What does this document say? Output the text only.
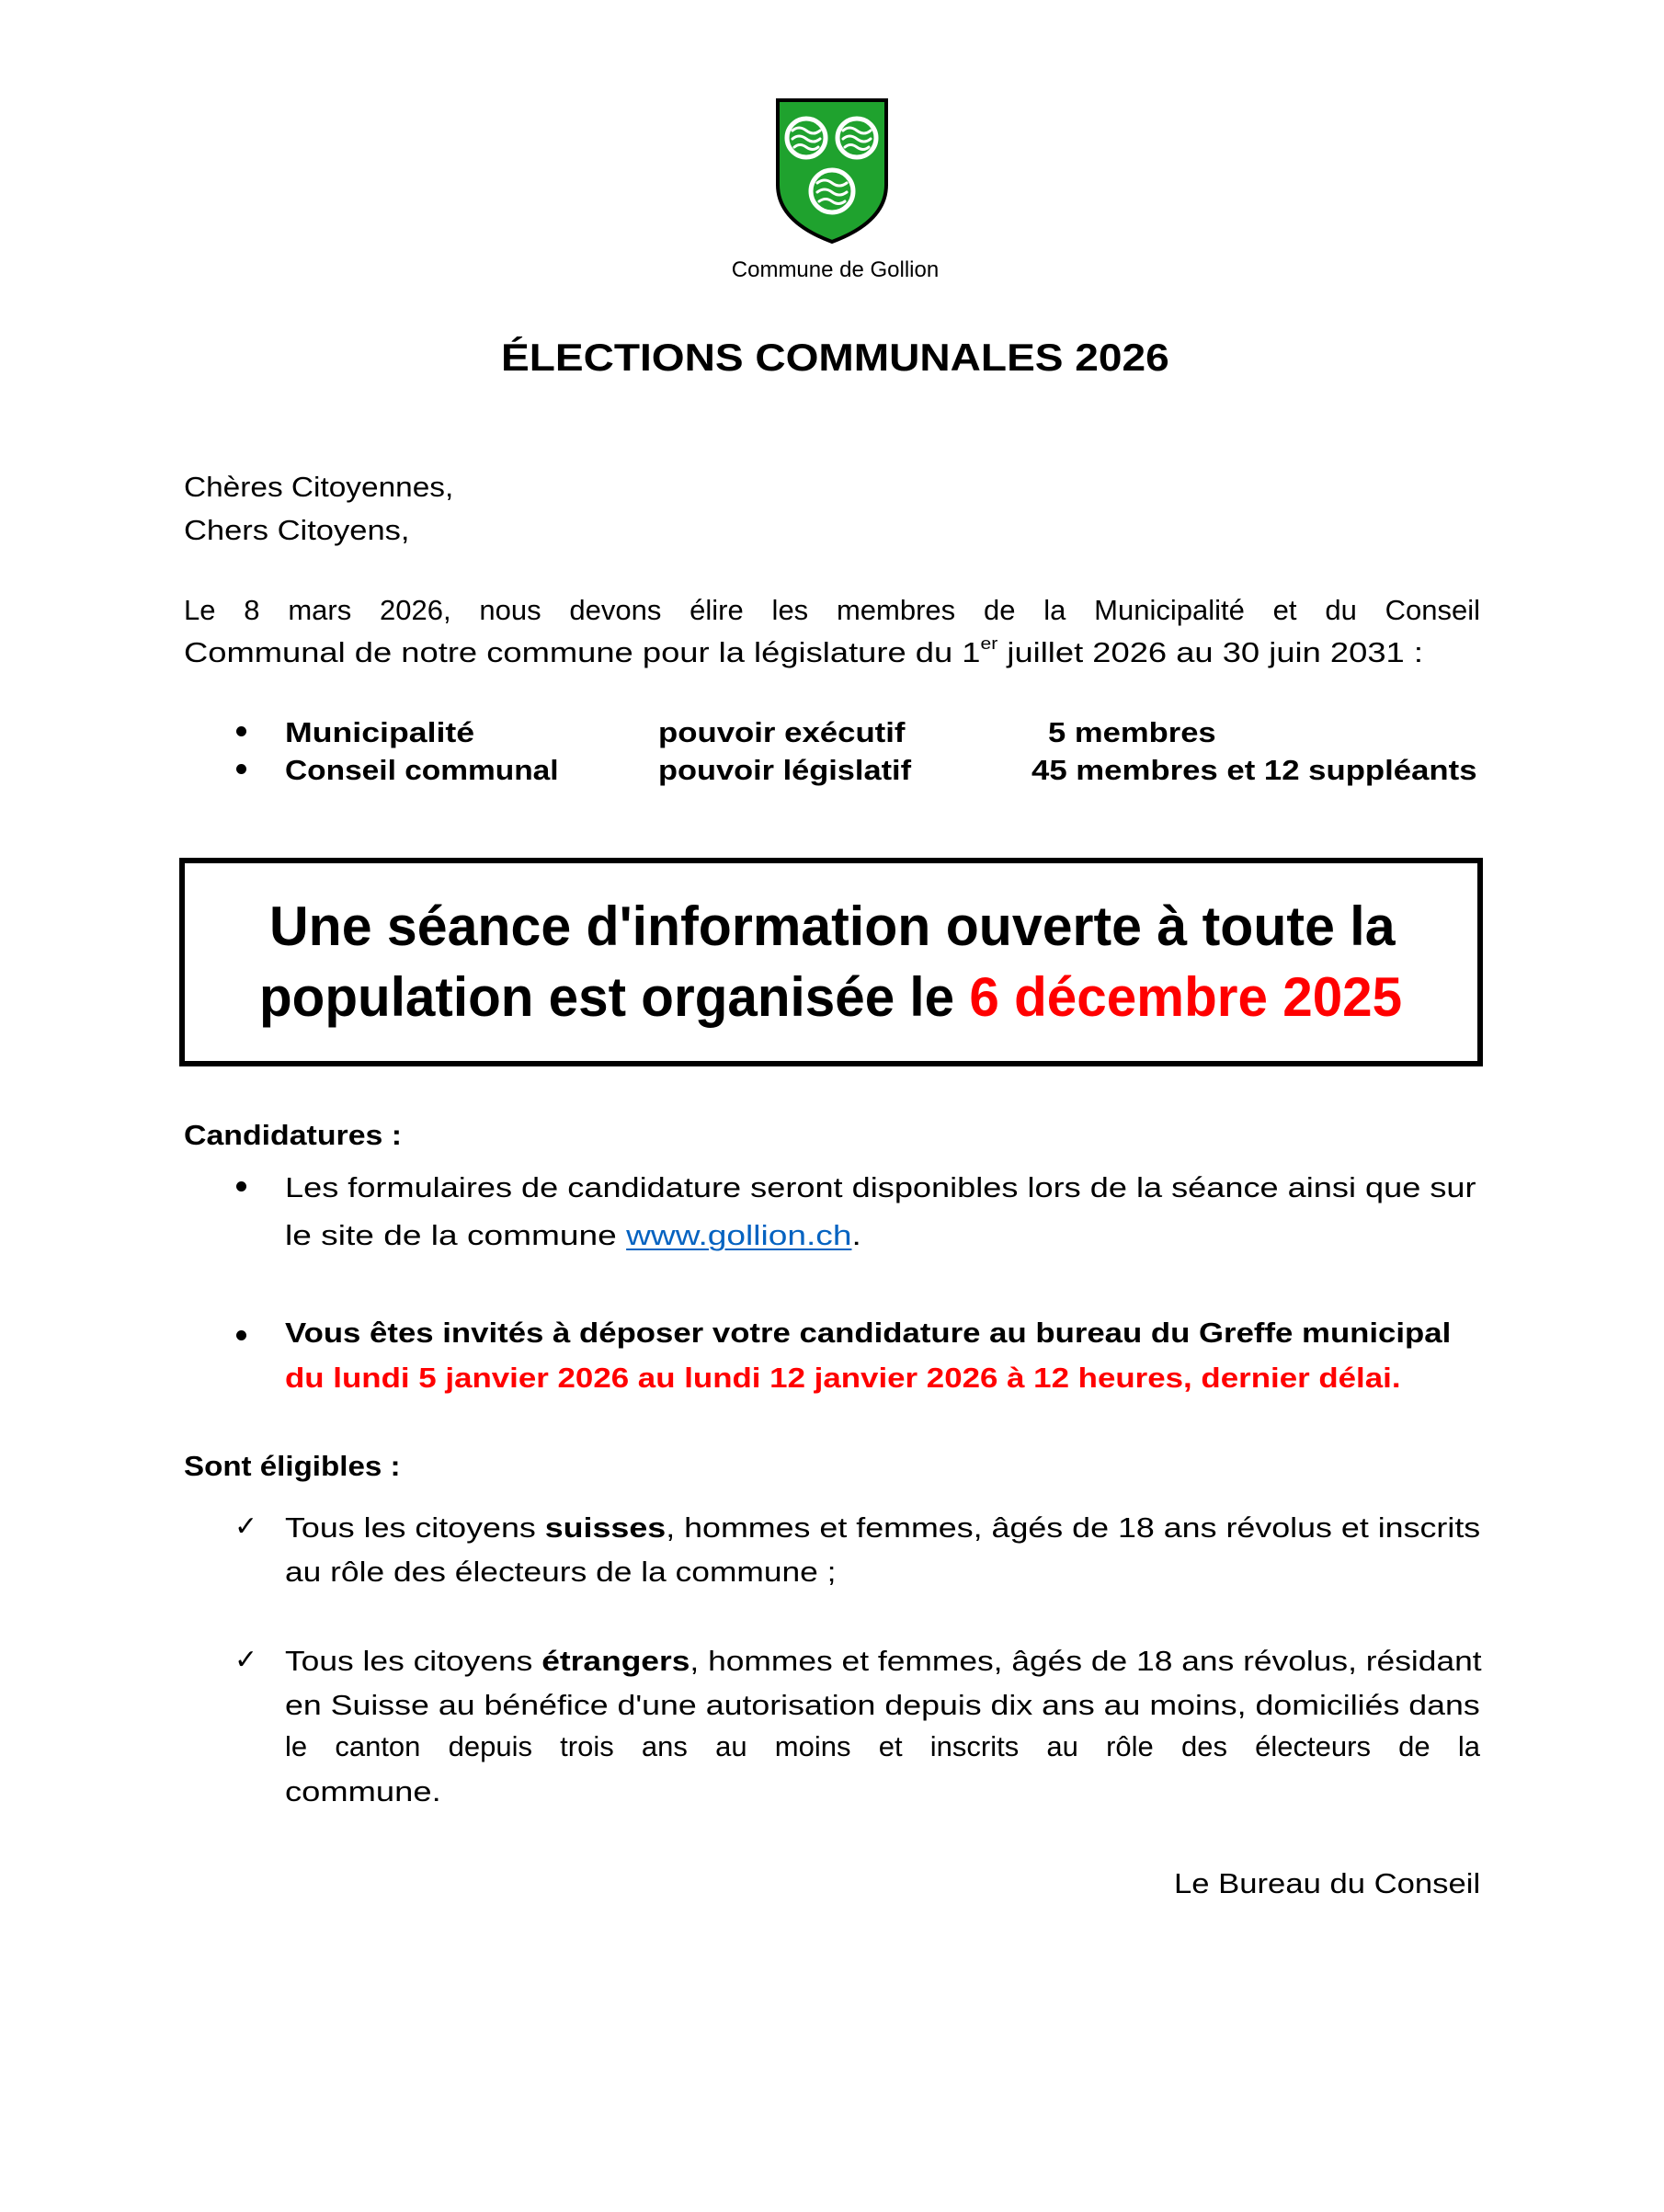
Commune de Gollion
ÉLECTIONS COMMUNALES 2026
Chères Citoyennes,
Chers Citoyens,
Le 8 mars 2026, nous devons élire les membres de la Municipalité et du Conseil
Communal de notre commune pour la législature du 1er juillet 2026 au 30 juin 2031 :
Municipalité	pouvoir exécutif	5 membres
Conseil communal	pouvoir législatif	45 membres et 12 suppléants
Une séance d'information ouverte à toute la
population est organisée le 6 décembre 2025
Candidatures :
Les formulaires de candidature seront disponibles lors de la séance ainsi que sur
le site de la commune www.gollion.ch.
Vous êtes invités à déposer votre candidature au bureau du Greffe municipal
du lundi 5 janvier 2026 au lundi 12 janvier 2026 à 12 heures, dernier délai.
Sont éligibles :
✓ Tous les citoyens suisses, hommes et femmes, âgés de 18 ans révolus et inscrits
au rôle des électeurs de la commune ;
✓ Tous les citoyens étrangers, hommes et femmes, âgés de 18 ans révolus, résidant
en Suisse au bénéfice d'une autorisation depuis dix ans au moins, domiciliés dans
le canton depuis trois ans au moins et inscrits au rôle des électeurs de la
commune.
Le Bureau du Conseil
